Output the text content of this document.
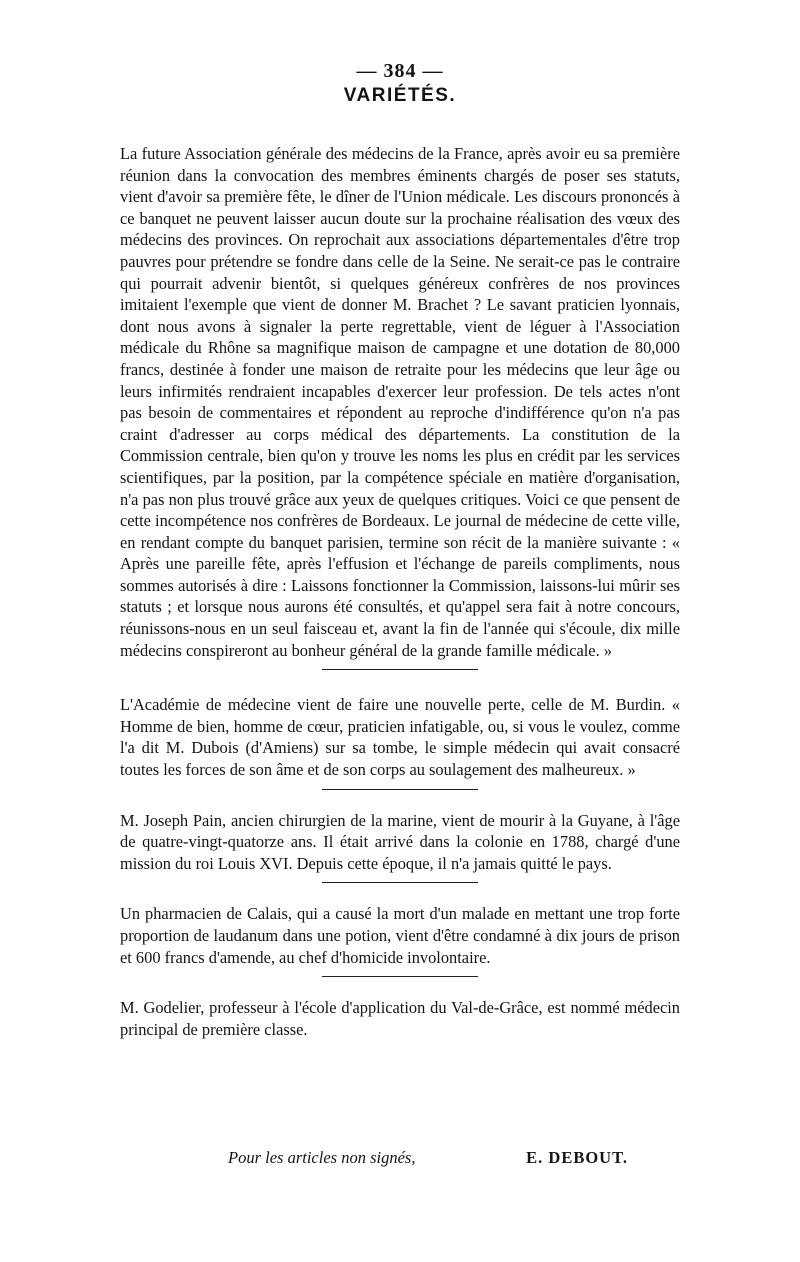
— 384 —
VARIÉTÉS.

La future Association générale des médecins de la France, après avoir eu sa première réunion dans la convocation des membres éminents chargés de poser ses statuts, vient d'avoir sa première fête, le dîner de l'Union médicale. Les discours prononcés à ce banquet ne peuvent laisser aucun doute sur la prochaine réalisation des vœux des médecins des provinces. On reprochait aux associations départementales d'être trop pauvres pour prétendre se fondre dans celle de la Seine. Ne serait-ce pas le contraire qui pourrait advenir bientôt, si quelques généreux confrères de nos provinces imitaient l'exemple que vient de donner M. Brachet ? Le savant praticien lyonnais, dont nous avons à signaler la perte regrettable, vient de léguer à l'Association médicale du Rhône sa magnifique maison de campagne et une dotation de 80,000 francs, destinée à fonder une maison de retraite pour les médecins que leur âge ou leurs infirmités rendraient incapables d'exercer leur profession. De tels actes n'ont pas besoin de commentaires et répondent au reproche d'indifférence qu'on n'a pas craint d'adresser au corps médical des départements. La constitution de la Commission centrale, bien qu'on y trouve les noms les plus en crédit par les services scientifiques, par la position, par la compétence spéciale en matière d'organisation, n'a pas non plus trouvé grâce aux yeux de quelques critiques. Voici ce que pensent de cette incompétence nos confrères de Bordeaux. Le journal de médecine de cette ville, en rendant compte du banquet parisien, termine son récit de la manière suivante : « Après une pareille fête, après l'effusion et l'échange de pareils compliments, nous sommes autorisés à dire : Laissons fonctionner la Commission, laissons-lui mûrir ses statuts ; et lorsque nous aurons été consultés, et qu'appel sera fait à notre concours, réunissons-nous en un seul faisceau et, avant la fin de l'année qui s'écoule, dix mille médecins conspireront au bonheur général de la grande famille médicale. »

L'Académie de médecine vient de faire une nouvelle perte, celle de M. Burdin. « Homme de bien, homme de cœur, praticien infatigable, ou, si vous le voulez, comme l'a dit M. Dubois (d'Amiens) sur sa tombe, le simple médecin qui avait consacré toutes les forces de son âme et de son corps au soulagement des malheureux. »

M. Joseph Pain, ancien chirurgien de la marine, vient de mourir à la Guyane, à l'âge de quatre-vingt-quatorze ans. Il était arrivé dans la colonie en 1788, chargé d'une mission du roi Louis XVI. Depuis cette époque, il n'a jamais quitté le pays.

Un pharmacien de Calais, qui a causé la mort d'un malade en mettant une trop forte proportion de laudanum dans une potion, vient d'être condamné à dix jours de prison et 600 francs d'amende, au chef d'homicide involontaire.

M. Godelier, professeur à l'école d'application du Val-de-Grâce, est nommé médecin principal de première classe.

Pour les articles non signés,	E. DEBOUT.
